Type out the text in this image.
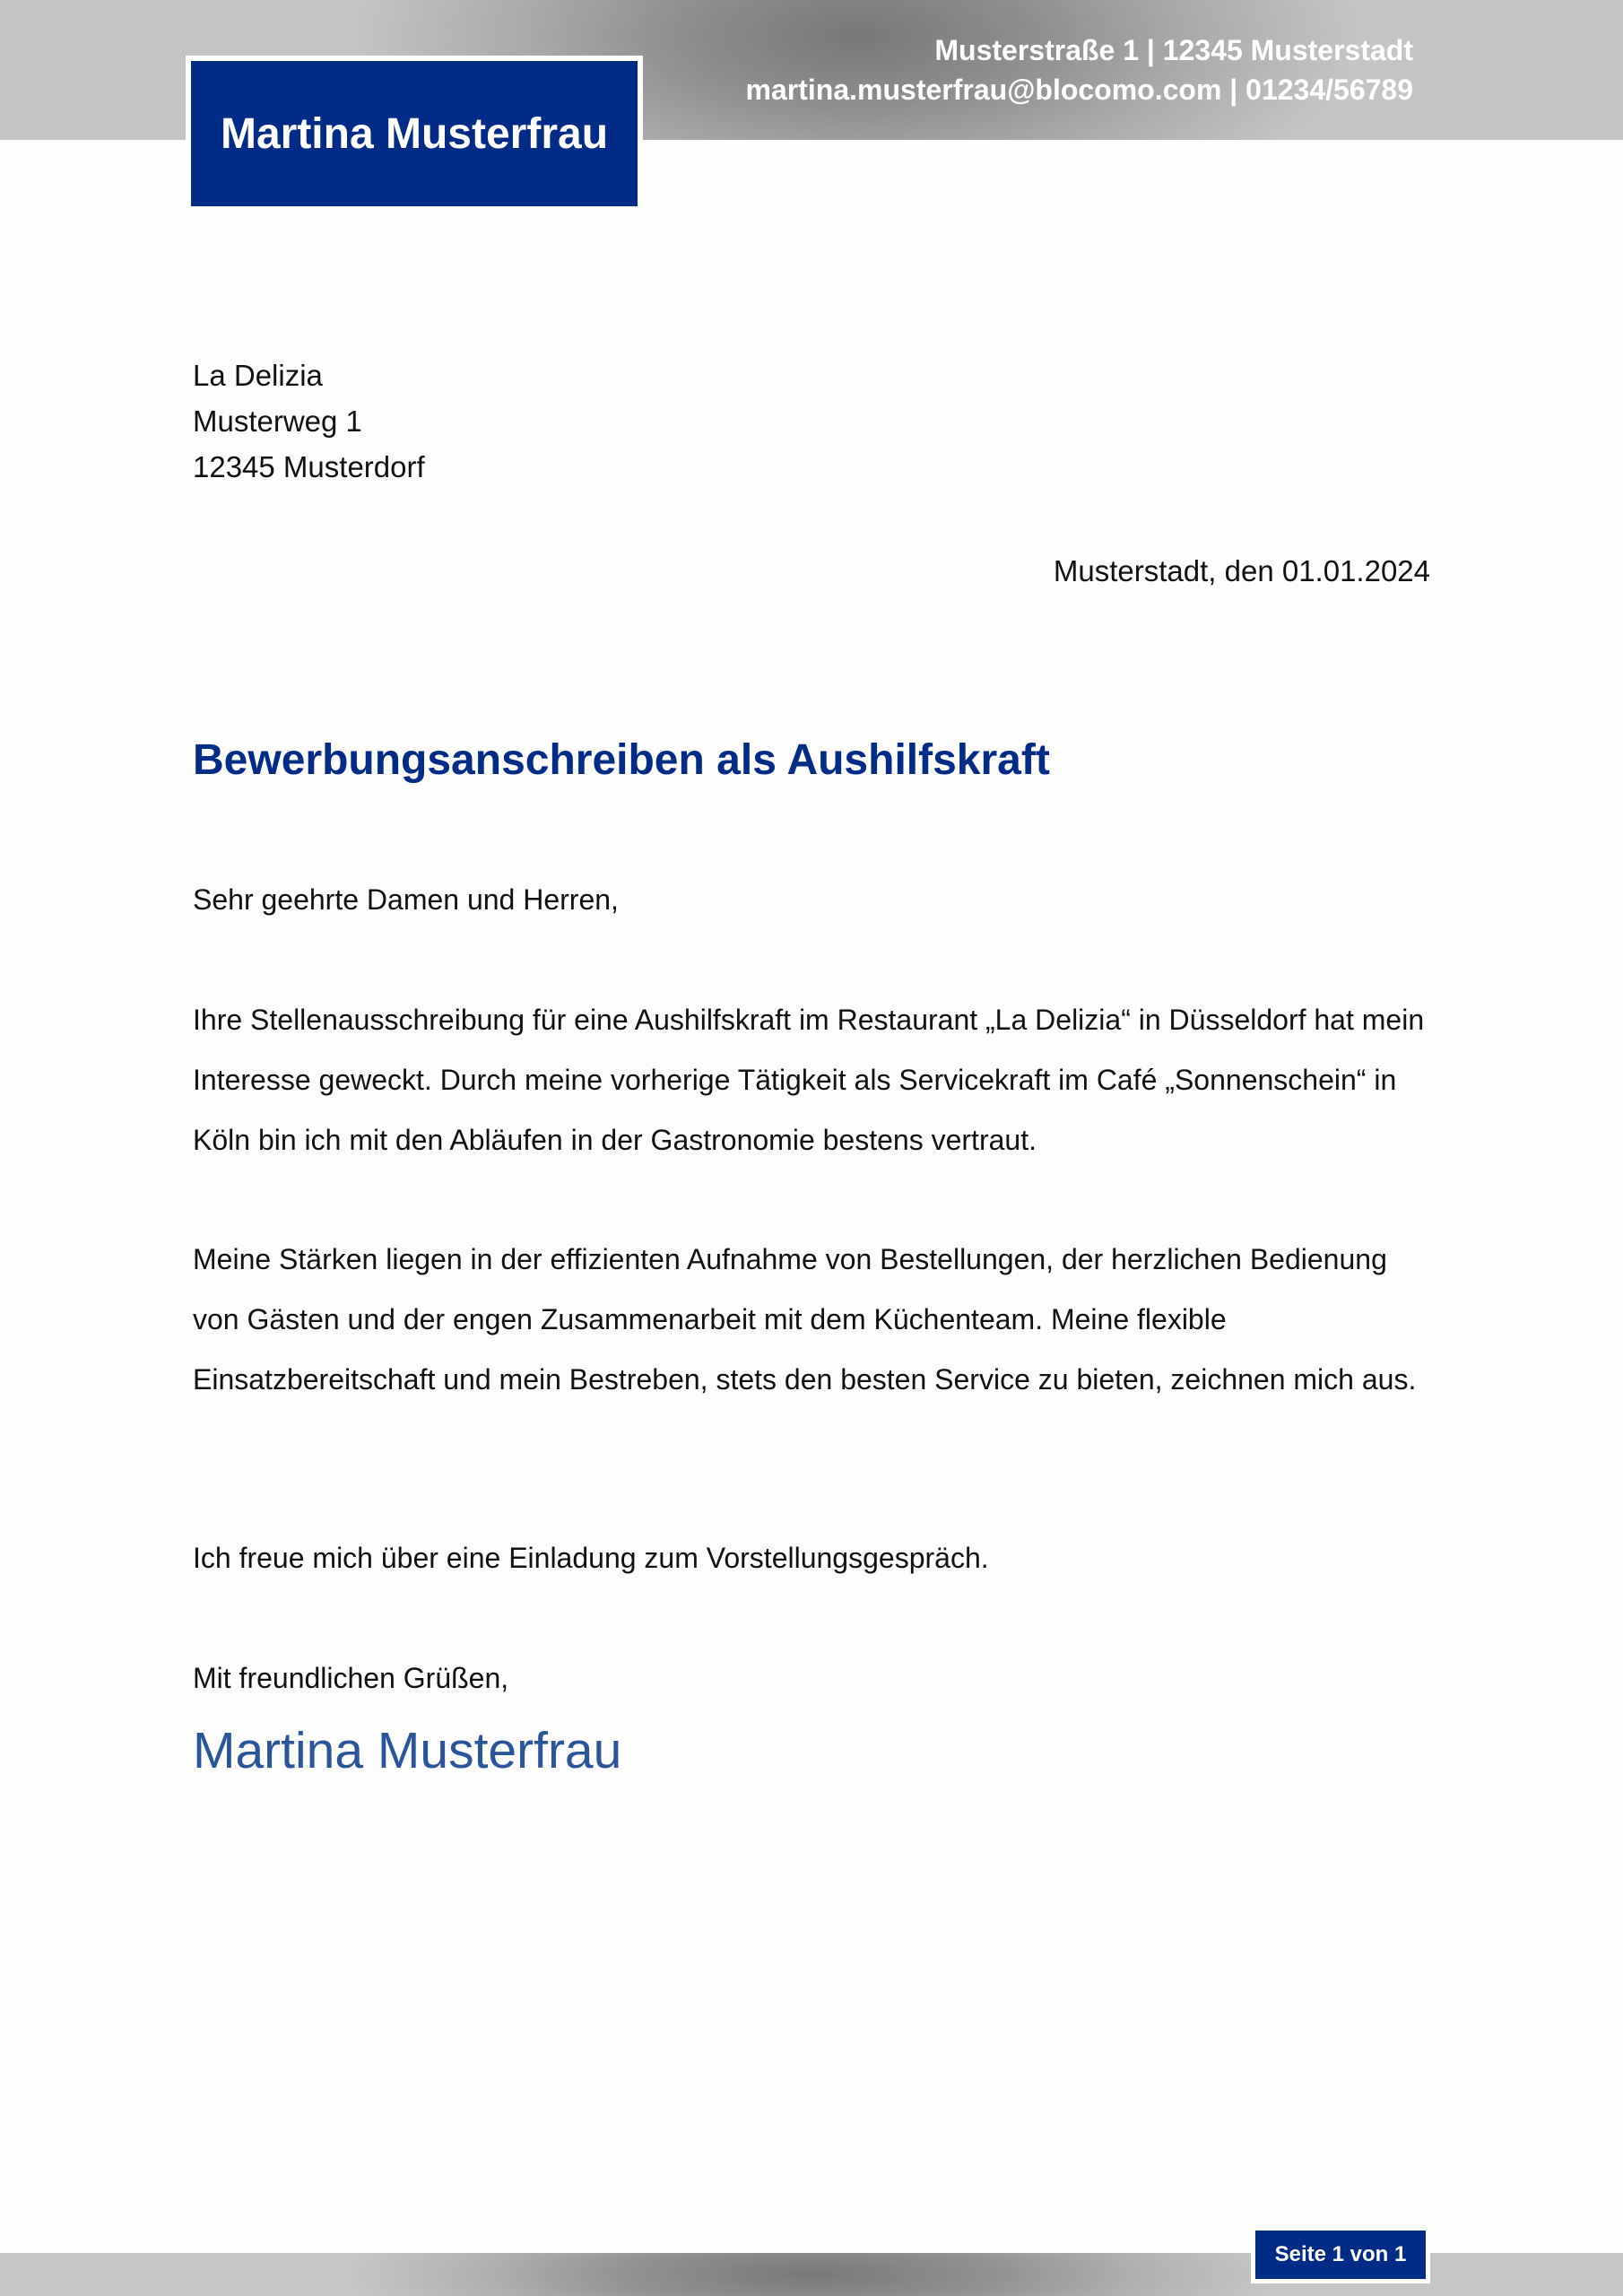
Musterstraße 1 | 12345 Musterstadt
martina.musterfrau@blocomo.com | 01234/56789
Martina Musterfrau
La Delizia
Musterweg 1
12345 Musterdorf
Musterstadt, den 01.01.2024
Bewerbungsanschreiben als Aushilfskraft
Sehr geehrte Damen und Herren,
Ihre Stellenausschreibung für eine Aushilfskraft im Restaurant „La Delizia“ in Düsseldorf hat mein Interesse geweckt. Durch meine vorherige Tätigkeit als Servicekraft im Café „Sonnenschein“ in Köln bin ich mit den Abläufen in der Gastronomie bestens vertraut.
Meine Stärken liegen in der effizienten Aufnahme von Bestellungen, der herzlichen Bedienung von Gästen und der engen Zusammenarbeit mit dem Küchenteam. Meine flexible Einsatzbereitschaft und mein Bestreben, stets den besten Service zu bieten, zeichnen mich aus.
Ich freue mich über eine Einladung zum Vorstellungsgespräch.
Mit freundlichen Grüßen,
Martina Musterfrau
Seite 1 von 1
